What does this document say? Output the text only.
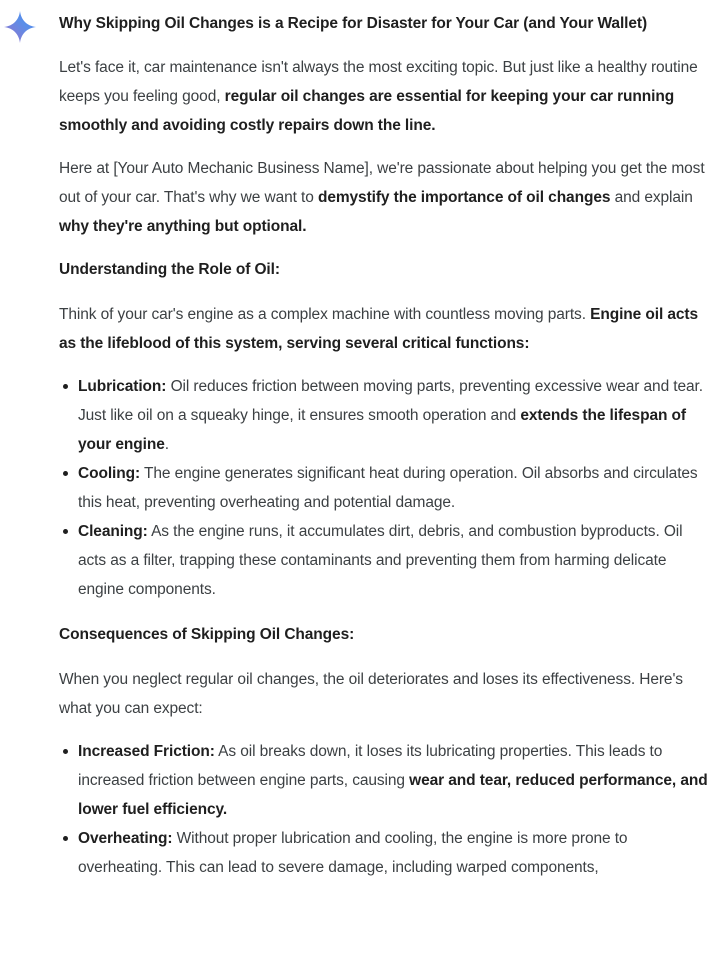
Why Skipping Oil Changes is a Recipe for Disaster for Your Car (and Your Wallet)

Let's face it, car maintenance isn't always the most exciting topic. But just like a healthy routine keeps you feeling good, regular oil changes are essential for keeping your car running smoothly and avoiding costly repairs down the line.

Here at [Your Auto Mechanic Business Name], we're passionate about helping you get the most out of your car. That's why we want to demystify the importance of oil changes and explain why they're anything but optional.

Understanding the Role of Oil:

Think of your car's engine as a complex machine with countless moving parts. Engine oil acts as the lifeblood of this system, serving several critical functions:

Lubrication: Oil reduces friction between moving parts, preventing excessive wear and tear. Just like oil on a squeaky hinge, it ensures smooth operation and extends the lifespan of your engine.
Cooling: The engine generates significant heat during operation. Oil absorbs and circulates this heat, preventing overheating and potential damage.
Cleaning: As the engine runs, it accumulates dirt, debris, and combustion byproducts. Oil acts as a filter, trapping these contaminants and preventing them from harming delicate engine components.

Consequences of Skipping Oil Changes:

When you neglect regular oil changes, the oil deteriorates and loses its effectiveness. Here's what you can expect:

Increased Friction: As oil breaks down, it loses its lubricating properties. This leads to increased friction between engine parts, causing wear and tear, reduced performance, and lower fuel efficiency.
Overheating: Without proper lubrication and cooling, the engine is more prone to overheating. This can lead to severe damage, including warped components,
